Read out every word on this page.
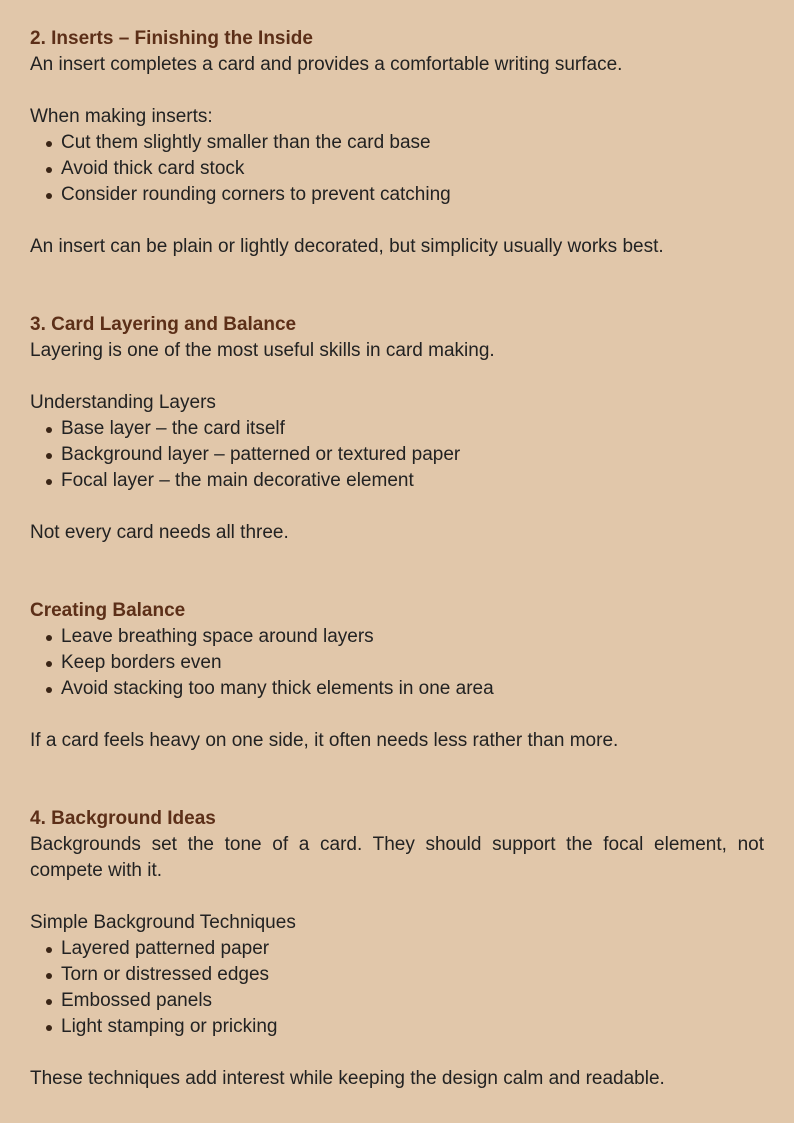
2. Inserts – Finishing the Inside

An insert completes a card and provides a comfortable writing surface.

When making inserts:

Cut them slightly smaller than the card base
Avoid thick card stock
Consider rounding corners to prevent catching

An insert can be plain or lightly decorated, but simplicity usually works best.

3. Card Layering and Balance

Layering is one of the most useful skills in card making.

Understanding Layers

Base layer – the card itself
Background layer – patterned or textured paper
Focal layer – the main decorative element

Not every card needs all three.

Creating Balance

Leave breathing space around layers
Keep borders even
Avoid stacking too many thick elements in one area

If a card feels heavy on one side, it often needs less rather than more.

4. Background Ideas

Backgrounds set the tone of a card. They should support the focal element, not compete with it.

Simple Background Techniques

Layered patterned paper
Torn or distressed edges
Embossed panels
Light stamping or pricking

These techniques add interest while keeping the design calm and readable.
